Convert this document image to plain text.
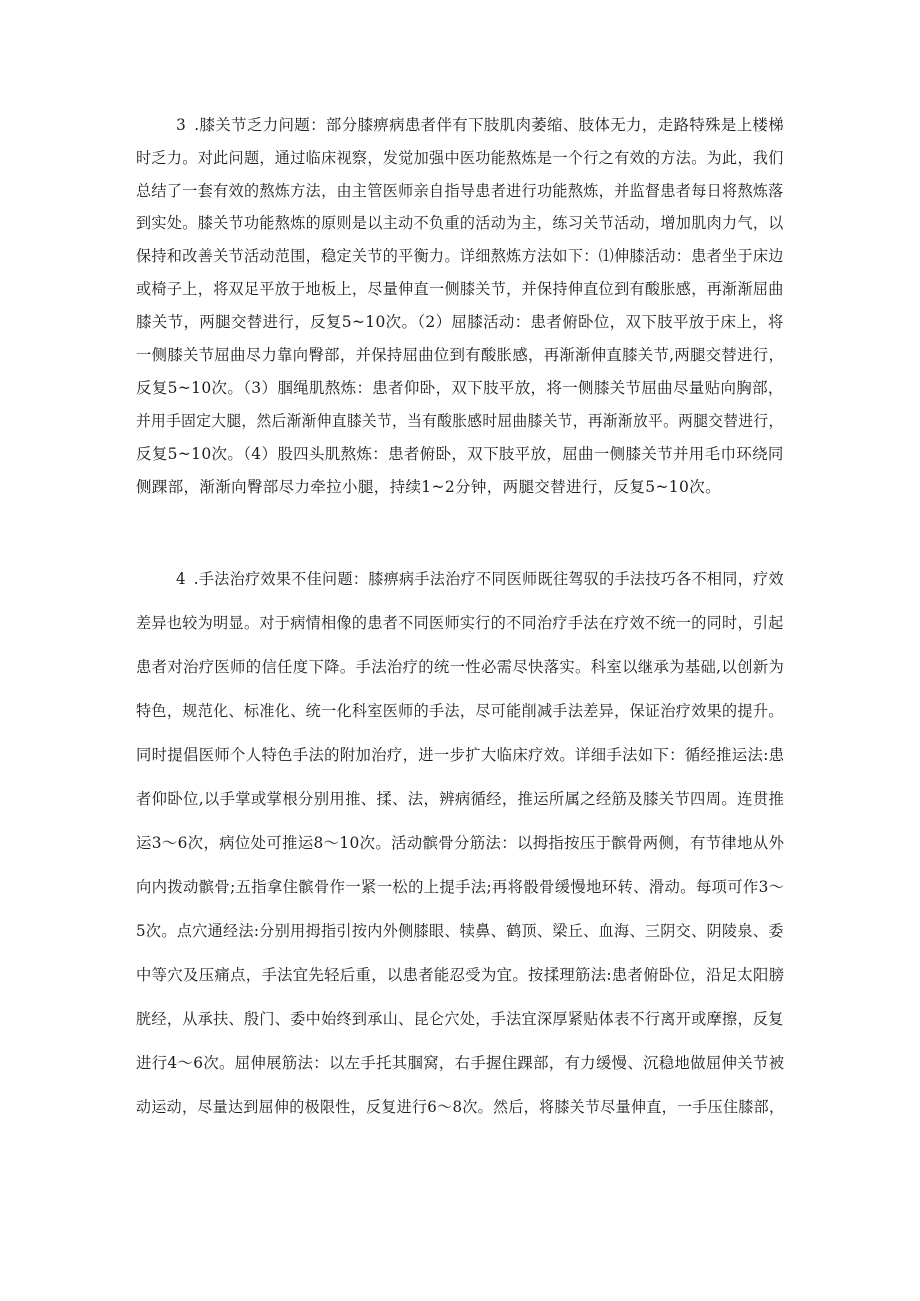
3 .膝关节乏力问题：部分膝痹病患者伴有下肢肌肉萎缩、肢体无力，走路特殊是上楼梯
时乏力。对此问题，通过临床视察，发觉加强中医功能熬炼是一个行之有效的方法。为此，我们
总结了一套有效的熬炼方法，由主管医师亲自指导患者进行功能熬炼，并监督患者每日将熬炼落
到实处。膝关节功能熬炼的原则是以主动不负重的活动为主，练习关节活动，增加肌肉力气，以
保持和改善关节活动范围，稳定关节的平衡力。详细熬炼方法如下：⑴伸膝活动：患者坐于床边
或椅子上，将双足平放于地板上，尽量伸直一侧膝关节，并保持伸直位到有酸胀感，再渐渐屈曲
膝关节，两腿交替进行，反复5~10次。（2）屈膝活动：患者俯卧位，双下肢平放于床上，将
一侧膝关节屈曲尽力靠向臀部，并保持屈曲位到有酸胀感，再渐渐伸直膝关节,两腿交替进行，
反复5~10次。（3）腘绳肌熬炼：患者仰卧，双下肢平放，将一侧膝关节屈曲尽量贴向胸部，
并用手固定大腿，然后渐渐伸直膝关节，当有酸胀感时屈曲膝关节，再渐渐放平。两腿交替进行，
反复5~10次。（4）股四头肌熬炼：患者俯卧，双下肢平放，屈曲一侧膝关节并用毛巾环绕同
侧踝部，渐渐向臀部尽力牵拉小腿，持续1~2分钟，两腿交替进行，反复5~10次。
4 .手法治疗效果不佳问题：膝痹病手法治疗不同医师既往驾驭的手法技巧各不相同，疗效
差异也较为明显。对于病情相像的患者不同医师实行的不同治疗手法在疗效不统一的同时，引起
患者对治疗医师的信任度下降。手法治疗的统一性必需尽快落实。科室以继承为基础,以创新为
特色，规范化、标准化、统一化科室医师的手法，尽可能削减手法差异，保证治疗效果的提升。
同时提倡医师个人特色手法的附加治疗，进一步扩大临床疗效。详细手法如下：循经推运法:患
者仰卧位,以手掌或掌根分别用推、揉、法，辨病循经，推运所属之经筋及膝关节四周。连贯推
运3～6次，病位处可推运8～10次。活动髌骨分筋法：以拇指按压于髌骨两侧，有节律地从外
向内拨动髌骨;五指拿住髌骨作一紧一松的上提手法;再将骰骨缓慢地环转、滑动。每项可作3～
5次。点穴通经法:分别用拇指引按内外侧膝眼、犊鼻、鹤顶、梁丘、血海、三阴交、阴陵泉、委
中等穴及压痛点，手法宜先轻后重，以患者能忍受为宜。按揉理筋法:患者俯卧位，沿足太阳膀
胱经，从承扶、殷门、委中始终到承山、昆仑穴处，手法宜深厚紧贴体表不行离开或摩擦，反复
进行4～6次。屈伸展筋法：以左手托其腘窝，右手握住踝部，有力缓慢、沉稳地做屈伸关节被
动运动，尽量达到屈伸的极限性，反复进行6～8次。然后，将膝关节尽量伸直，一手压住膝部，
